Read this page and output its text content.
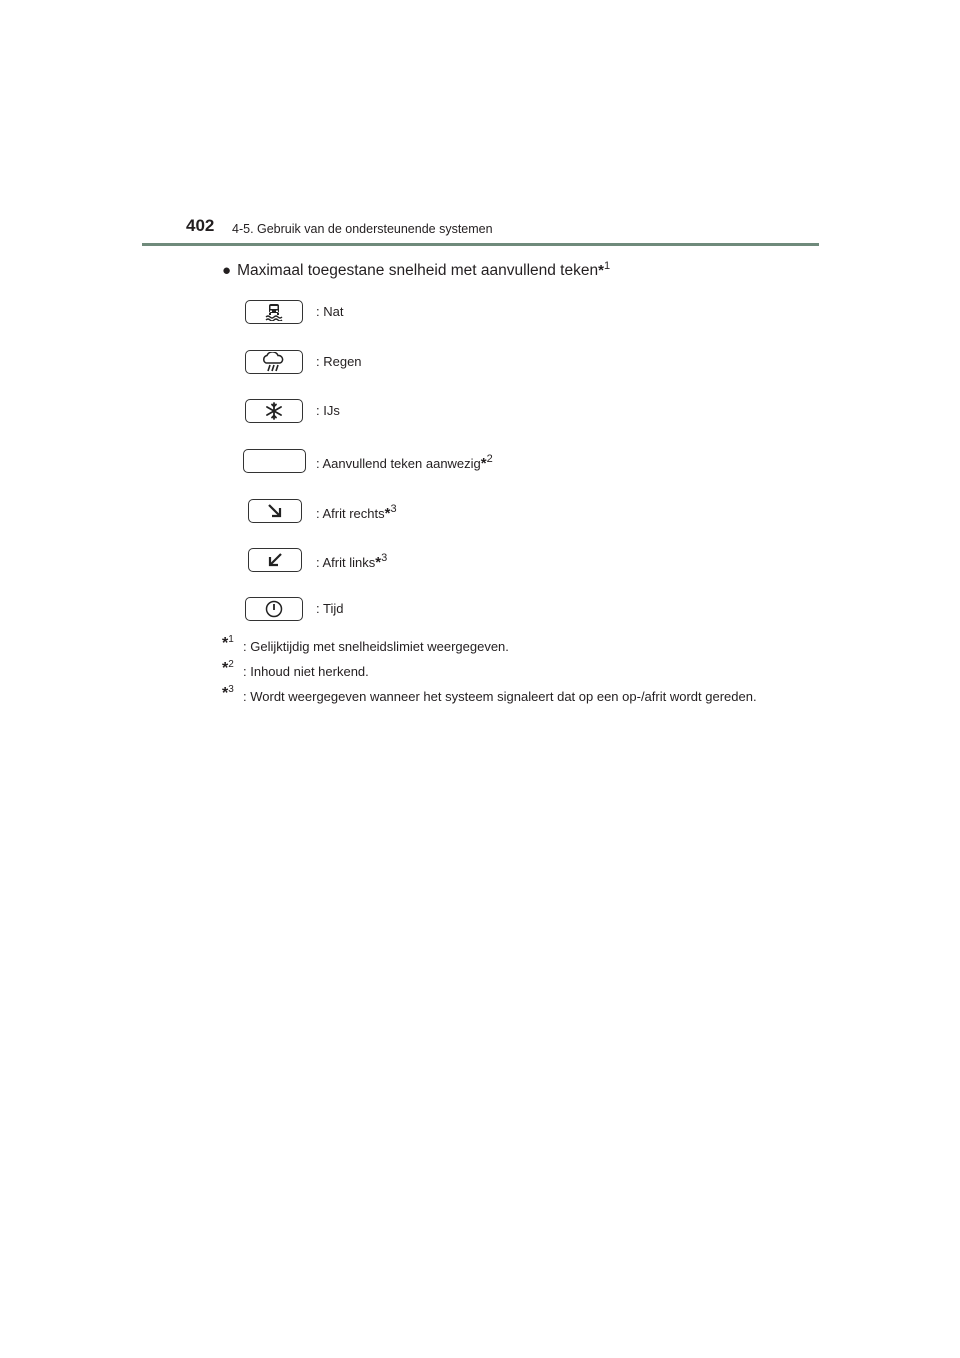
402 4-5. Gebruik van de ondersteunende systemen
● Maximaal toegestane snelheid met aanvullend teken*$^1$
: Nat
: Regen
: IJs
: Aanvullend teken aanwezig*$^2$
: Afrit rechts*$^3$
: Afrit links*$^3$
: Tijd
*$^1$ : Gelijktijdig met snelheidslimiet weergegeven.
*$^2$ : Inhoud niet herkend.
*$^3$ : Wordt weergegeven wanneer het systeem signaleert dat op een op-/afrit wordt gereden.
